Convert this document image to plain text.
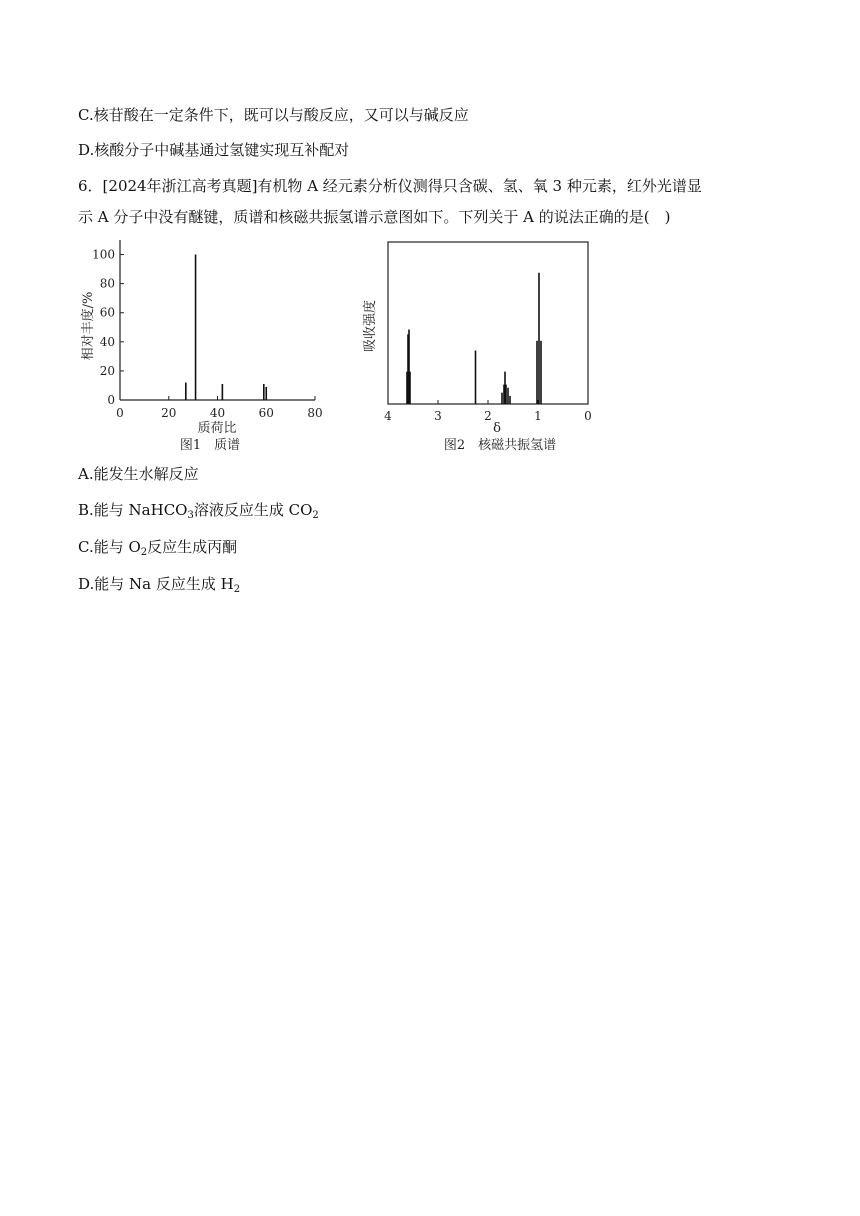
C.核苷酸在一定条件下，既可以与酸反应，又可以与碱反应
D.核酸分子中碱基通过氢键实现互补配对
6．[2024年浙江高考真题]有机物 A 经元素分析仪测得只含碳、氢、氧 3 种元素，红外光谱显
示 A 分子中没有醚键，质谱和核磁共振氢谱示意图如下。下列关于 A 的说法正确的是(　)
相对丰度/%
质荷比
图1　质谱
100
80
60
40
20
0
0	20	40	60	80
吸收强度
δ
图2　核磁共振氢谱
4	3	2	1	0
A.能发生水解反应
B.能与 NaHCO$_3$溶液反应生成 $CO_2$
C.能与 $O_2$反应生成丙酮
D.能与 Na 反应生成 $H_2$
